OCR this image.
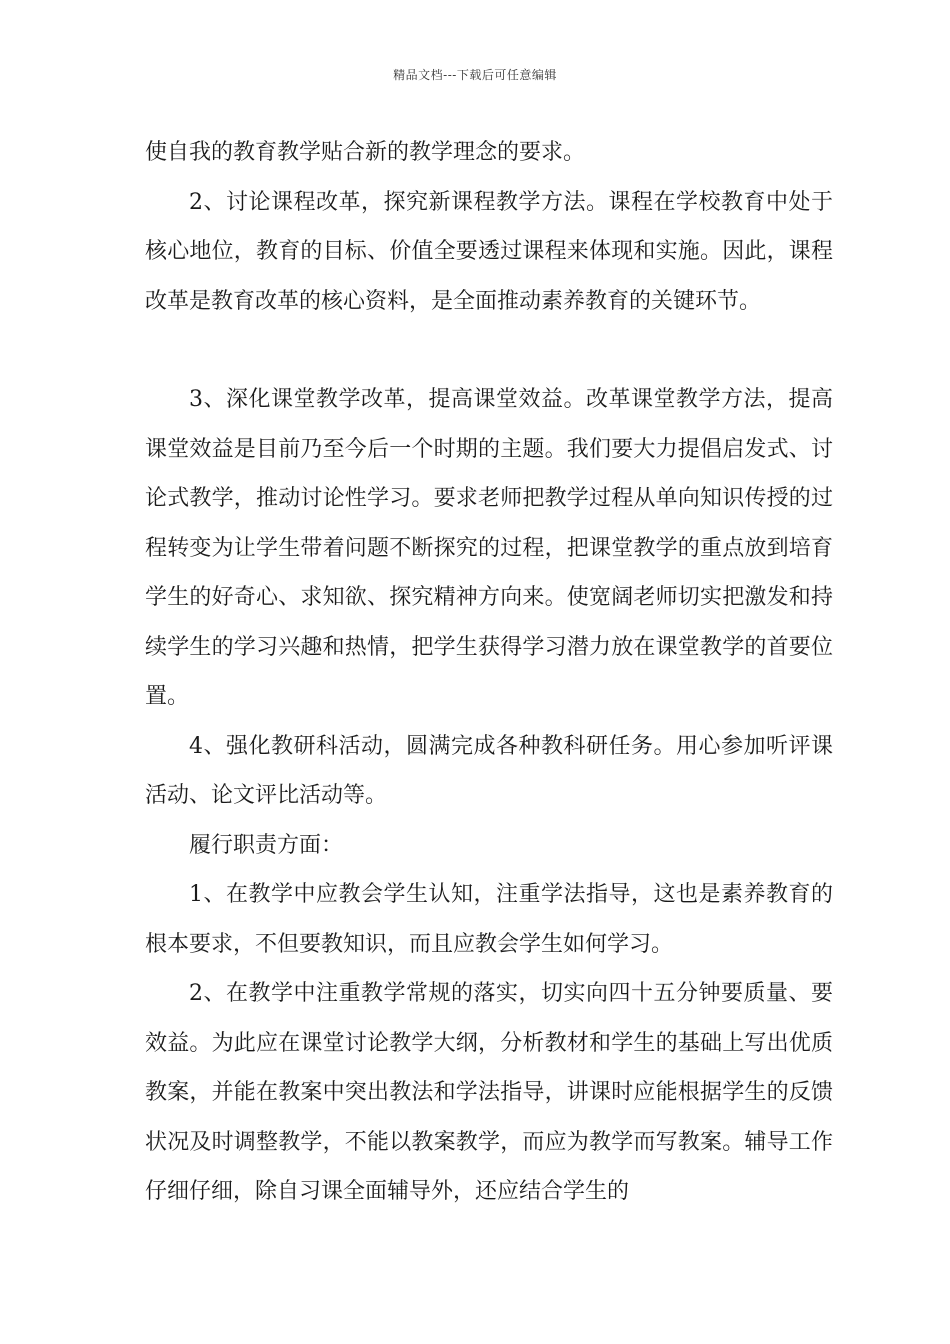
精品文档---下载后可任意编辑

使自我的教育教学贴合新的教学理念的要求。

2、讨论课程改革，探究新课程教学方法。课程在学校教育中处于核心地位，教育的目标、价值全要透过课程来体现和实施。因此，课程改革是教育改革的核心资料，是全面推动素养教育的关键环节。

3、深化课堂教学改革，提高课堂效益。改革课堂教学方法，提高课堂效益是目前乃至今后一个时期的主题。我们要大力提倡启发式、讨论式教学，推动讨论性学习。要求老师把教学过程从单向知识传授的过程转变为让学生带着问题不断探究的过程，把课堂教学的重点放到培育学生的好奇心、求知欲、探究精神方向来。使宽阔老师切实把激发和持续学生的学习兴趣和热情，把学生获得学习潜力放在课堂教学的首要位置。

4、强化教研科活动，圆满完成各种教科研任务。用心参加听评课活动、论文评比活动等。

履行职责方面：

1、在教学中应教会学生认知，注重学法指导，这也是素养教育的根本要求，不但要教知识，而且应教会学生如何学习。

2、在教学中注重教学常规的落实，切实向四十五分钟要质量、要效益。为此应在课堂讨论教学大纲，分析教材和学生的基础上写出优质教案，并能在教案中突出教法和学法指导，讲课时应能根据学生的反馈状况及时调整教学，不能以教案教学，而应为教学而写教案。辅导工作仔细仔细，除自习课全面辅导外，还应结合学生的
